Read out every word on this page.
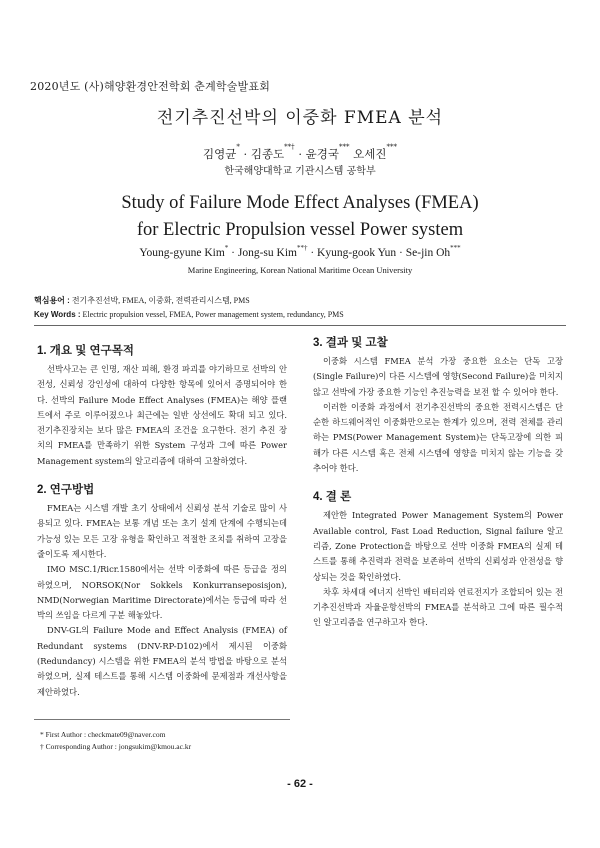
2020년도 (사)해양환경안전학회 춘계학술발표회
전기추진선박의 이중화 FMEA 분석
김영균* · 김종도**† · 윤경국*** 오세진***
한국해양대학교 기관시스템 공학부
Study of Failure Mode Effect Analyses (FMEA)
for Electric Propulsion vessel Power system
Young-gyune Kim* · Jong-su Kim**† · Kyung-gook Yun · Se-jin Oh***
Marine Engineering, Korean National Maritime Ocean University
핵심용어 : 전기추진선박, FMEA, 이중화, 전력관리시스템, PMS
Key Words : Electric propulsion vessel, FMEA, Power management system, redundancy, PMS
1. 개요 및 연구목적

선박사고는 큰 인명, 재산 피해, 환경 파괴를 야기하므로 선박의 안전성, 신뢰성 강인성에 대하여 다양한 항목에 있어서 증명되어야 한다. 선박의 Failure Mode Effect Analyses (FMEA)는 해양 플랜트에서 주로 이루어졌으나 최근에는 일반 상선에도 확대 되고 있다. 전기추진장치는 보다 많은 FMEA의 조건을 요구한다. 전기 추진 장치의 FMEA를 만족하기 위한 System 구성과 그에 따른 Power Management system의 알고리즘에 대하여 고찰하였다.

2. 연구방법

FMEA는 시스템 개발 초기 상태에서 신뢰성 분석 기술로 많이 사용되고 있다. FMEA는 보통 개념 또는 초기 설계 단계에 수행되는데 가능성 있는 모든 고장 유형을 확인하고 적절한 조치를 취하여 고장을 줄이도록 제시한다.

IMO MSC.1/Ricr.1580에서는 선박 이중화에 따른 등급을 정의하였으며, NORSOK(Nor Sokkels Konkurranseposisjon), NMD(Norwegian Maritime Directorate)에서는 등급에 따라 선박의 쓰임을 다르게 구분 해놓았다.

DNV-GL의 Failure Mode and Effect Analysis (FMEA) of Redundant systems (DNV-RP-D102)에서 제시된 이중화(Redundancy) 시스템을 위한 FMEA의 분석 방법을 바탕으로 분석하였으며, 실제 테스트를 통해 시스템 이중화에 문제점과 개선사항을 제안하였다.

3. 결과 및 고찰

이중화 시스템 FMEA 분석 가장 중요한 요소는 단독 고장 (Single Failure)이 다른 시스템에 영향(Second Failure)을 미치지 않고 선박에 가장 중요한 기능인 추진능력을 보전 할 수 있어야 한다.

이러한 이중화 과정에서 전기추진선박의 중요한 전력시스템은 단순한 하드웨어적인 이중화만으로는 한계가 있으며, 전력 전체를 관리하는 PMS(Power Management System)는 단독고장에 의한 피해가 다른 시스템 혹은 전체 시스템에 영향을 미치지 않는 기능을 갖추어야 한다.

4. 결 론

제안한 Integrated Power Management System의 Power Available control, Fast Load Reduction, Signal failure 알고리즘, Zone Protection을 바탕으로 선박 이중화 FMEA의 실제 테스트를 통해 추진력과 전력을 보존하여 선박의 신뢰성과 안전성을 향상되는 것을 확인하였다.

차후 차세대 에너지 선박인 배터리와 연료전지가 조합되어 있는 전기추진선박과 자율운항선박의 FMEA를 분석하고 그에 따른 필수적인 알고리즘을 연구하고자 한다.

* First Author : checkmate09@naver.com
† Corresponding Author : jongsukim@kmou.ac.kr
- 62 -
